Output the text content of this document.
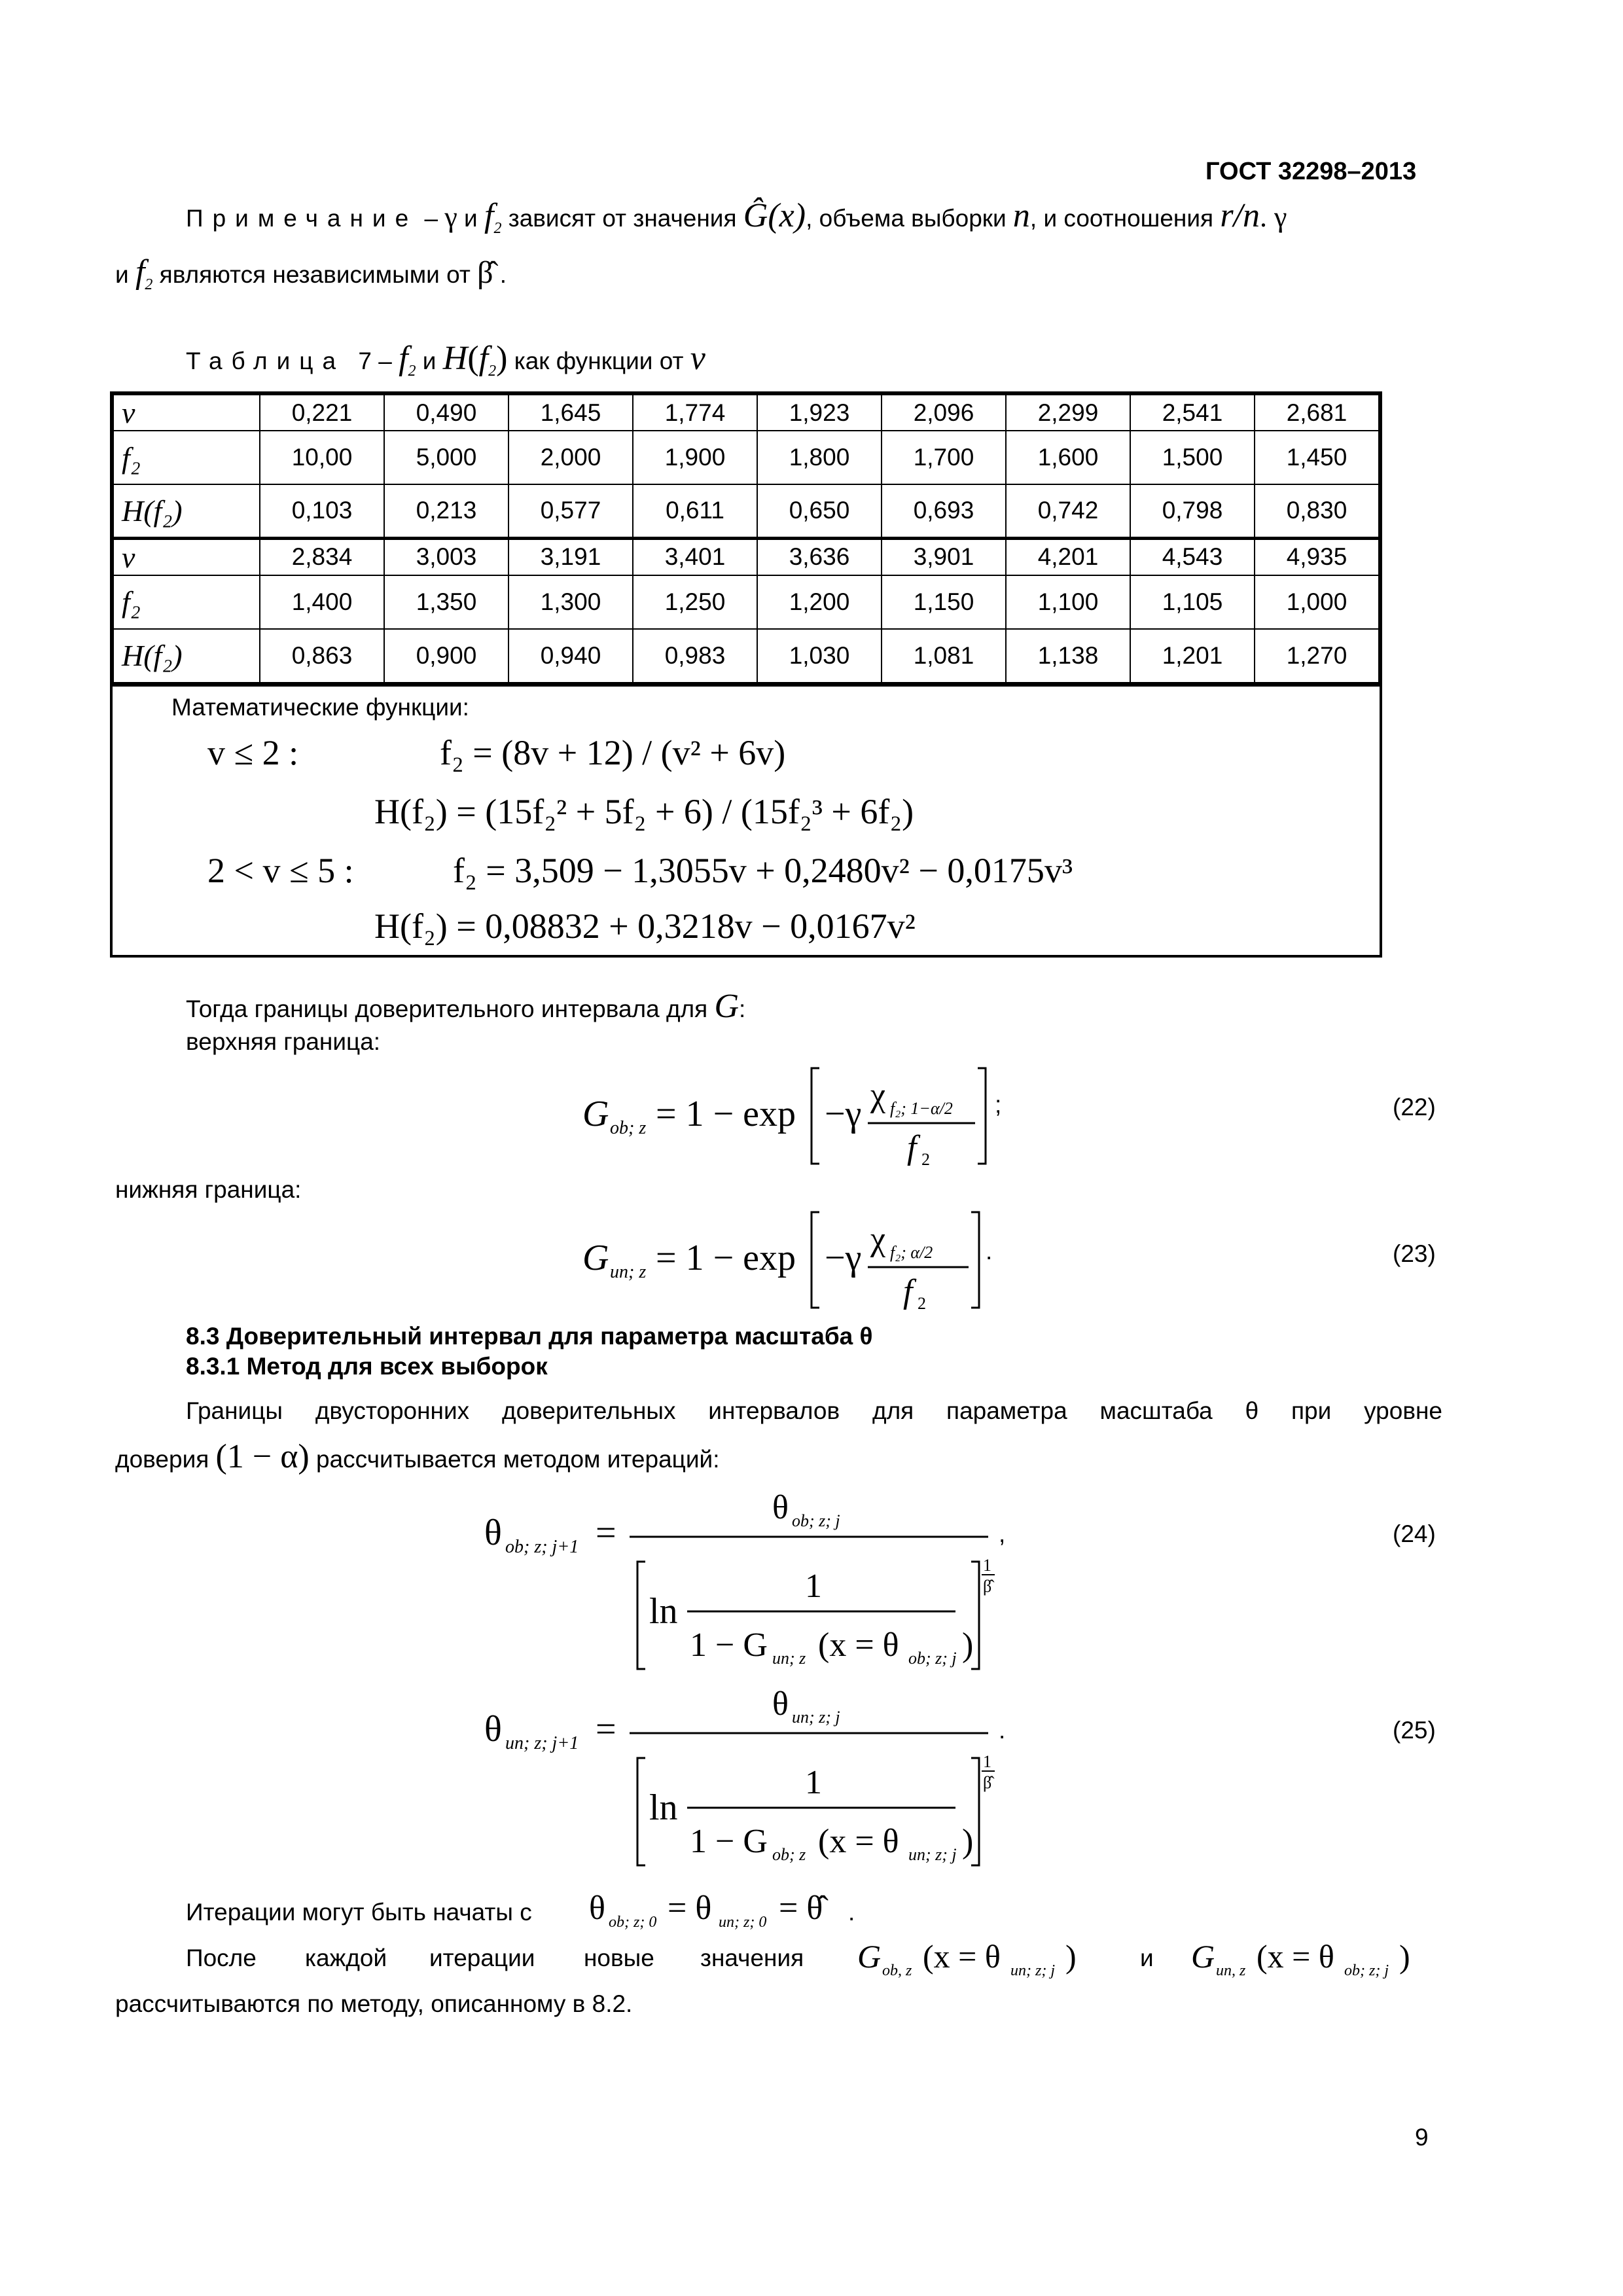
ГОСТ 32298–2013
Примечание – γ и $f_2$ зависят от значения Ĝ(x), объема выборки n, и соотношения r/n. γ
и $f_2$ являются независимыми от β̂ .
Таблица $7 - f_2$ и $H(f_2)$ как функции от v
v	0,221	0,490	1,645	1,774	1,923	2,096	2,299	2,541	2,681
f₂	10,00	5,000	2,000	1,900	1,800	1,700	1,600	1,500	1,450
H(f₂)	0,103	0,213	0,577	0,611	0,650	0,693	0,742	0,798	0,830
v	2,834	3,003	3,191	3,401	3,636	3,901	4,201	4,543	4,935
f₂	1,400	1,350	1,300	1,250	1,200	1,150	1,100	1,105	1,000
H(f₂)	0,863	0,900	0,940	0,983	1,030	1,081	1,138	1,201	1,270
Математические функции:
v ≤ 2 :	f₂ = (8v + 12) / (v² + 6v)
H(f₂) = (15f₂² + 5f₂ + 6) / (15f₂³ + 6f₂)
2 < v ≤ 5 :	f₂ = 3,509 − 1,3055v + 0,2480v² − 0,0175v³
H(f₂) = 0,08832 + 0,3218v − 0,0167v²
Тогда границы доверительного интервала для G:
верхняя граница:
G ob; z = 1 − exp −γ χ f₂; 1−α/2
f 2
;	(22)
нижняя граница:
G un; z = 1 − exp −γ χ f₂; α/2
f 2
.	(23)
8.3 Доверительный интервал для параметра масштаба θ
8.3.1 Метод для всех выборок
Границы двусторонних доверительных интервалов для параметра масштаба θ при уровне
доверия (1 − α) рассчитывается методом итераций:
θ ob; z; j+1 =
θ ob; z; j
ln
1
1 − G un; z (x = θ ob; z; j )
1
β̂
,	(24)
θ un; z; j+1 =
θ un; z; j
ln
1
1 − G ob; z (x = θ un; z; j )
1
β̂
.	(25)
Итерации могут быть начаты с θ ob; z; 0 = θ un; z; 0 = θ̂ .
После каждой итерации новые значения G ob, z (x = θ un; z; j )	и G un, z (x = θ ob; z; j )
рассчитываются по методу, описанному в 8.2.
9
